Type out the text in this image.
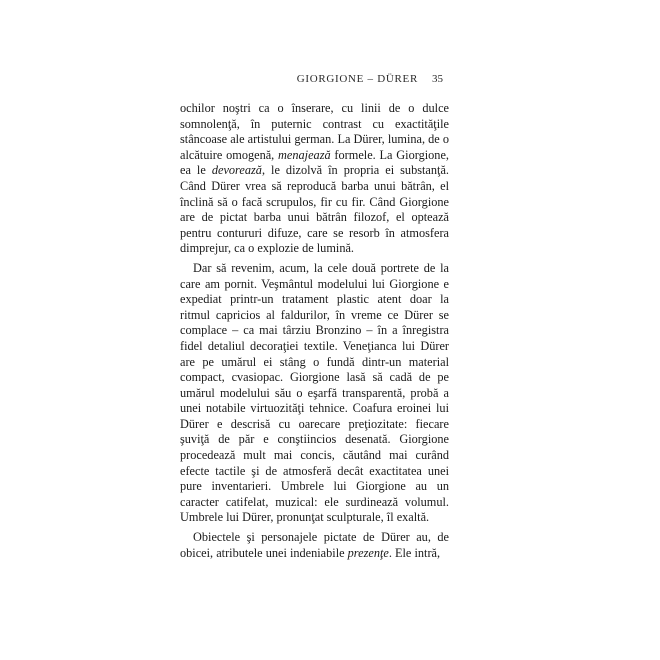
GIORGIONE – DÜRER 35

ochilor noştri ca o înserare, cu linii de o dulce somnolenţă, în puternic contrast cu exactităţile stâncoase ale artistului german. La Dürer, lumina, de o alcătuire omogenă, menajează formele. La Giorgione, ea le devorează, le dizolvă în propria ei substanţă. Când Dürer vrea să reproducă barba unui bătrân, el înclină să o facă scrupulos, fir cu fir. Când Giorgione are de pictat barba unui bătrân filozof, el optează pentru contururi difuze, care se resorb în atmosfera dimprejur, ca o explozie de lumină.

Dar să revenim, acum, la cele două portrete de la care am pornit. Veşmântul modelului lui Giorgione e expediat printr-un tratament plastic atent doar la ritmul capricios al faldurilor, în vreme ce Dürer se complace – ca mai târziu Bronzino – în a înregistra fidel detaliul decoraţiei textile. Veneţianca lui Dürer are pe umărul ei stâng o fundă dintr-un material compact, cvasiopac. Giorgione lasă să cadă de pe umărul modelului său o eşarfă transparentă, probă a unei notabile virtuozităţi tehnice. Coafura eroinei lui Dürer e descrisă cu oarecare preţiozitate: fiecare şuviţă de păr e conştiincios desenată. Giorgione procedează mult mai concis, căutând mai curând efecte tactile şi de atmosferă decât exactitatea unei pure inventarieri. Umbrele lui Giorgione au un caracter catifelat, muzical: ele surdinează volumul. Umbrele lui Dürer, pronunţat sculpturale, îl exaltă.

Obiectele şi personajele pictate de Dürer au, de obicei, atributele unei indeniabile prezenţe. Ele intră,
